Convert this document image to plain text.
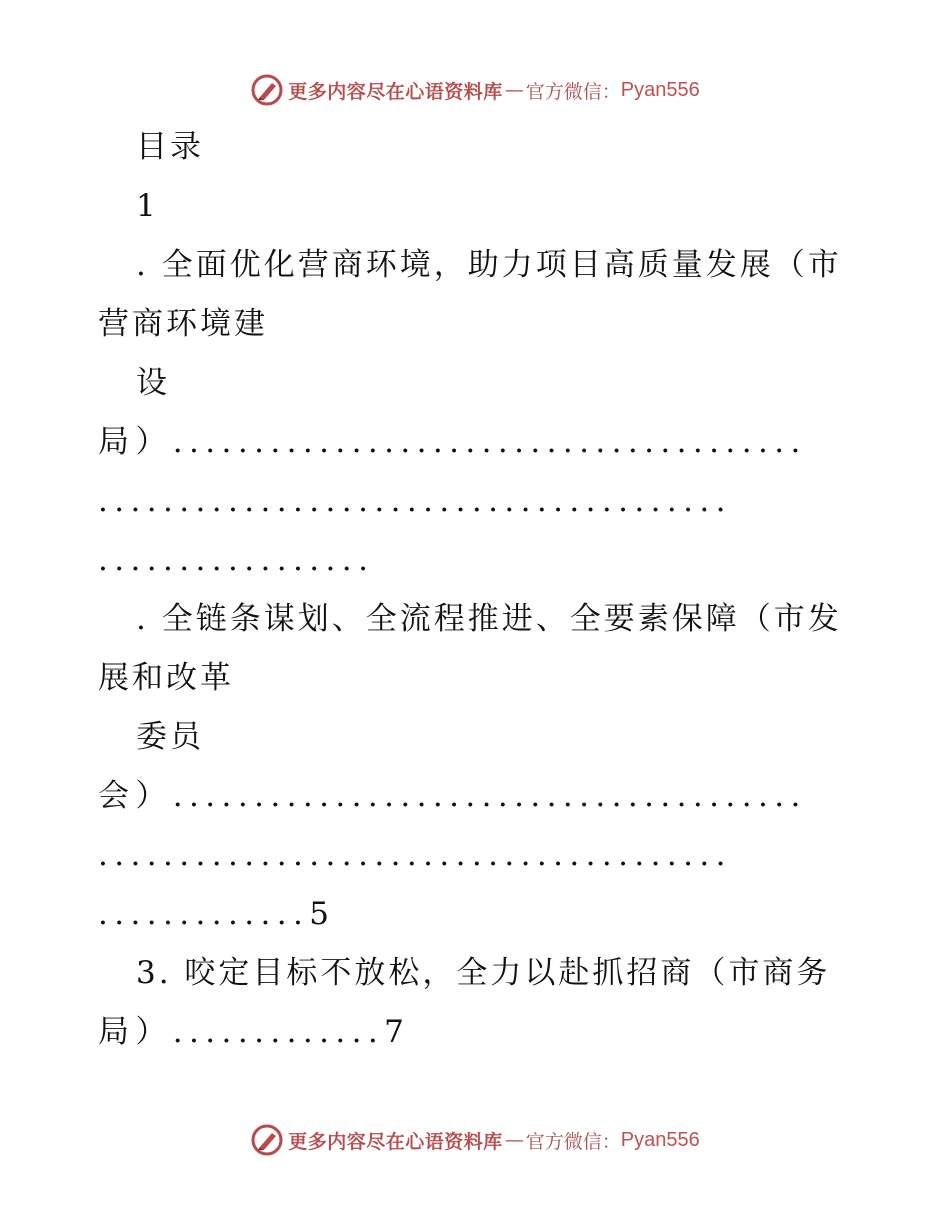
更多内容尽在心语资料库 — 官方微信： Pyan556
目录
1
. 全面优化营商环境，助力项目高质量发展（市
营商环境建
设
局）.......................................
.......................................
.................
. 全链条谋划、全流程推进、全要素保障（市发
展和改革
委员
会）.......................................
.......................................
.............5
3. 咬定目标不放松，全力以赴抓招商（市商务
局）.............7
更多内容尽在心语资料库 — 官方微信： Pyan556
